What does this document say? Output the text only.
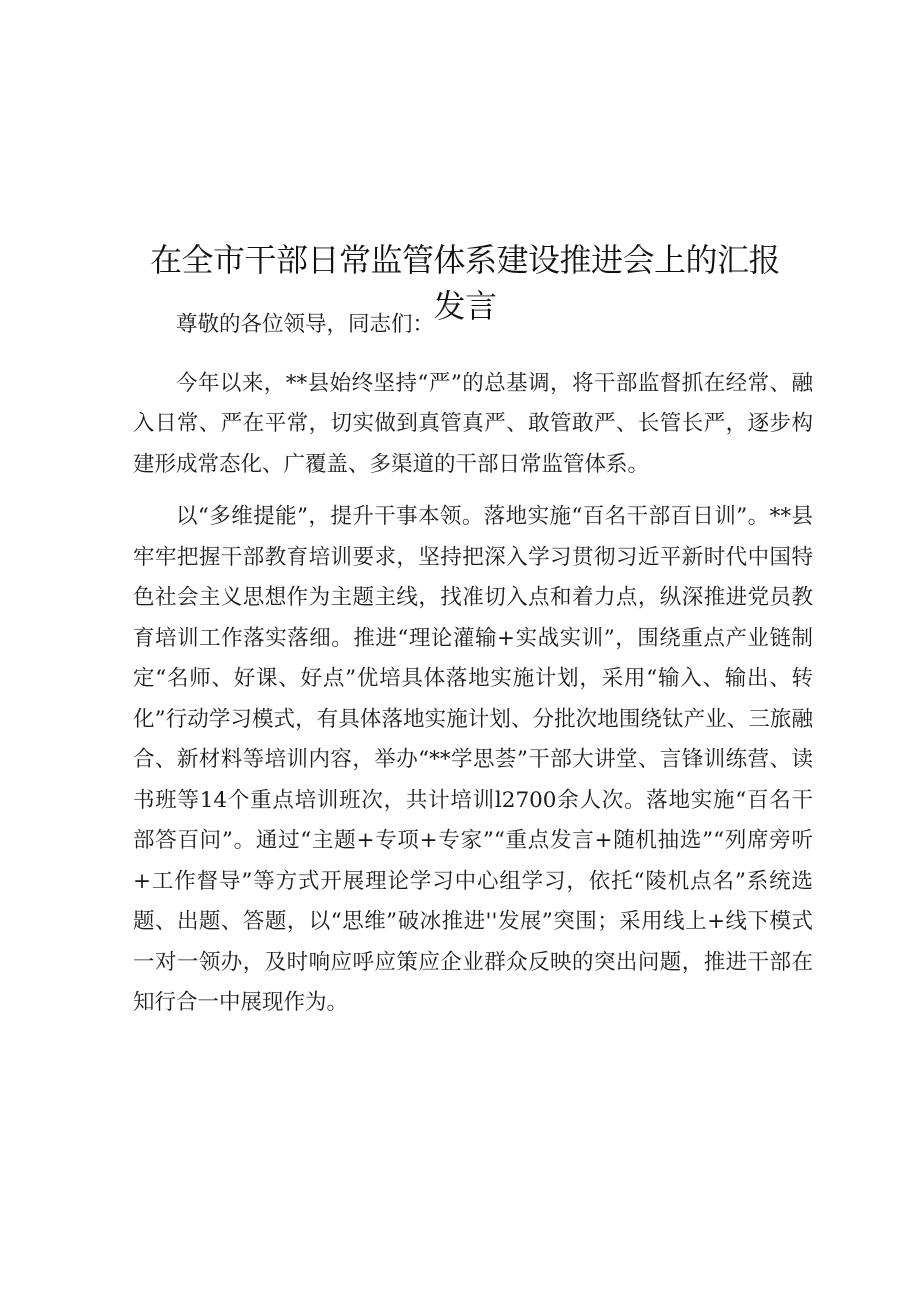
在全市干部日常监管体系建设推进会上的汇报
发言

尊敬的各位领导，同志们：

今年以来，**县始终坚持“严”的总基调，将干部监督抓在经常、融入日常、严在平常，切实做到真管真严、敢管敢严、长管长严，逐步构建形成常态化、广覆盖、多渠道的干部日常监管体系。

以“多维提能”，提升干事本领。落地实施“百名干部百日训”。**县牢牢把握干部教育培训要求，坚持把深入学习贯彻习近平新时代中国特色社会主义思想作为主题主线，找准切入点和着力点，纵深推进党员教育培训工作落实落细。推进“理论灌输+实战实训”，围绕重点产业链制定“名师、好课、好点”优培具体落地实施计划，采用“输入、输出、转化”行动学习模式，有具体落地实施计划、分批次地围绕钛产业、三旅融合、新材料等培训内容，举办“**学思荟”干部大讲堂、言锋训练营、读书班等14个重点培训班次，共计培训l2700余人次。落地实施“百名干部答百问”。通过“主题+专项+专家”“重点发言+随机抽选”“列席旁听+工作督导”等方式开展理论学习中心组学习，依托“陵机点名”系统选题、出题、答题，以“思维”破冰推进''发展”突围；采用线上+线下模式一对一领办，及时响应呼应策应企业群众反映的突出问题，推进干部在知行合一中展现作为。
